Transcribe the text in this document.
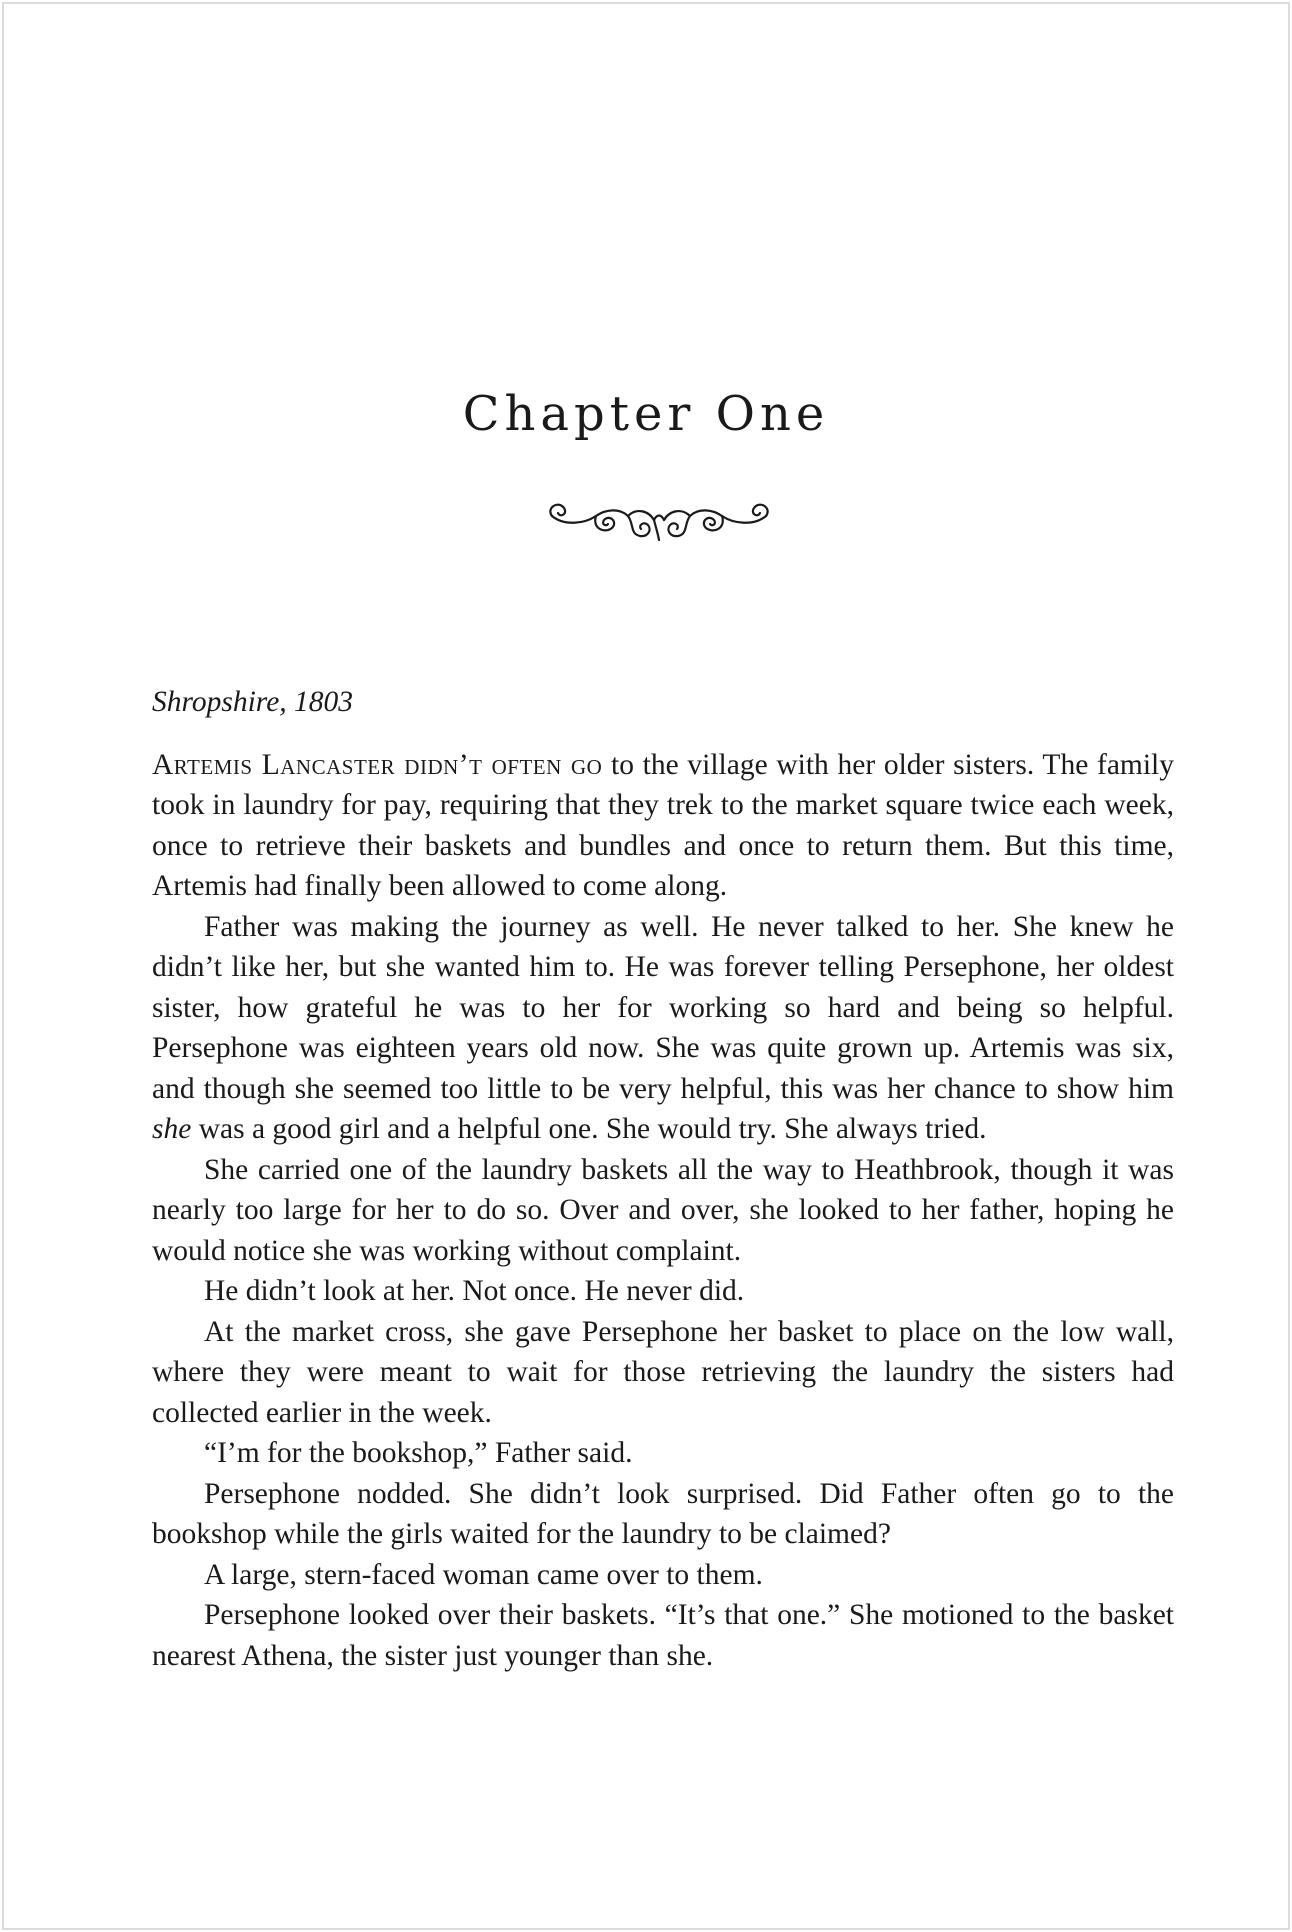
Chapter One

Shropshire, 1803

Artemis Lancaster didn’t often go to the village with her older sisters. The family took in laundry for pay, requiring that they trek to the market square twice each week, once to retrieve their baskets and bundles and once to return them. But this time, Artemis had finally been allowed to come along.

Father was making the journey as well. He never talked to her. She knew he didn’t like her, but she wanted him to. He was forever telling Persephone, her oldest sister, how grateful he was to her for working so hard and being so helpful. Persephone was eighteen years old now. She was quite grown up. Artemis was six, and though she seemed too little to be very helpful, this was her chance to show him she was a good girl and a helpful one. She would try. She always tried.

She carried one of the laundry baskets all the way to Heathbrook, though it was nearly too large for her to do so. Over and over, she looked to her father, hoping he would notice she was working without complaint.

He didn’t look at her. Not once. He never did.

At the market cross, she gave Persephone her basket to place on the low wall, where they were meant to wait for those retrieving the laundry the sisters had collected earlier in the week.

“I’m for the bookshop,” Father said.

Persephone nodded. She didn’t look surprised. Did Father often go to the bookshop while the girls waited for the laundry to be claimed?

A large, stern-faced woman came over to them.

Persephone looked over their baskets. “It’s that one.” She motioned to the basket nearest Athena, the sister just younger than she.
